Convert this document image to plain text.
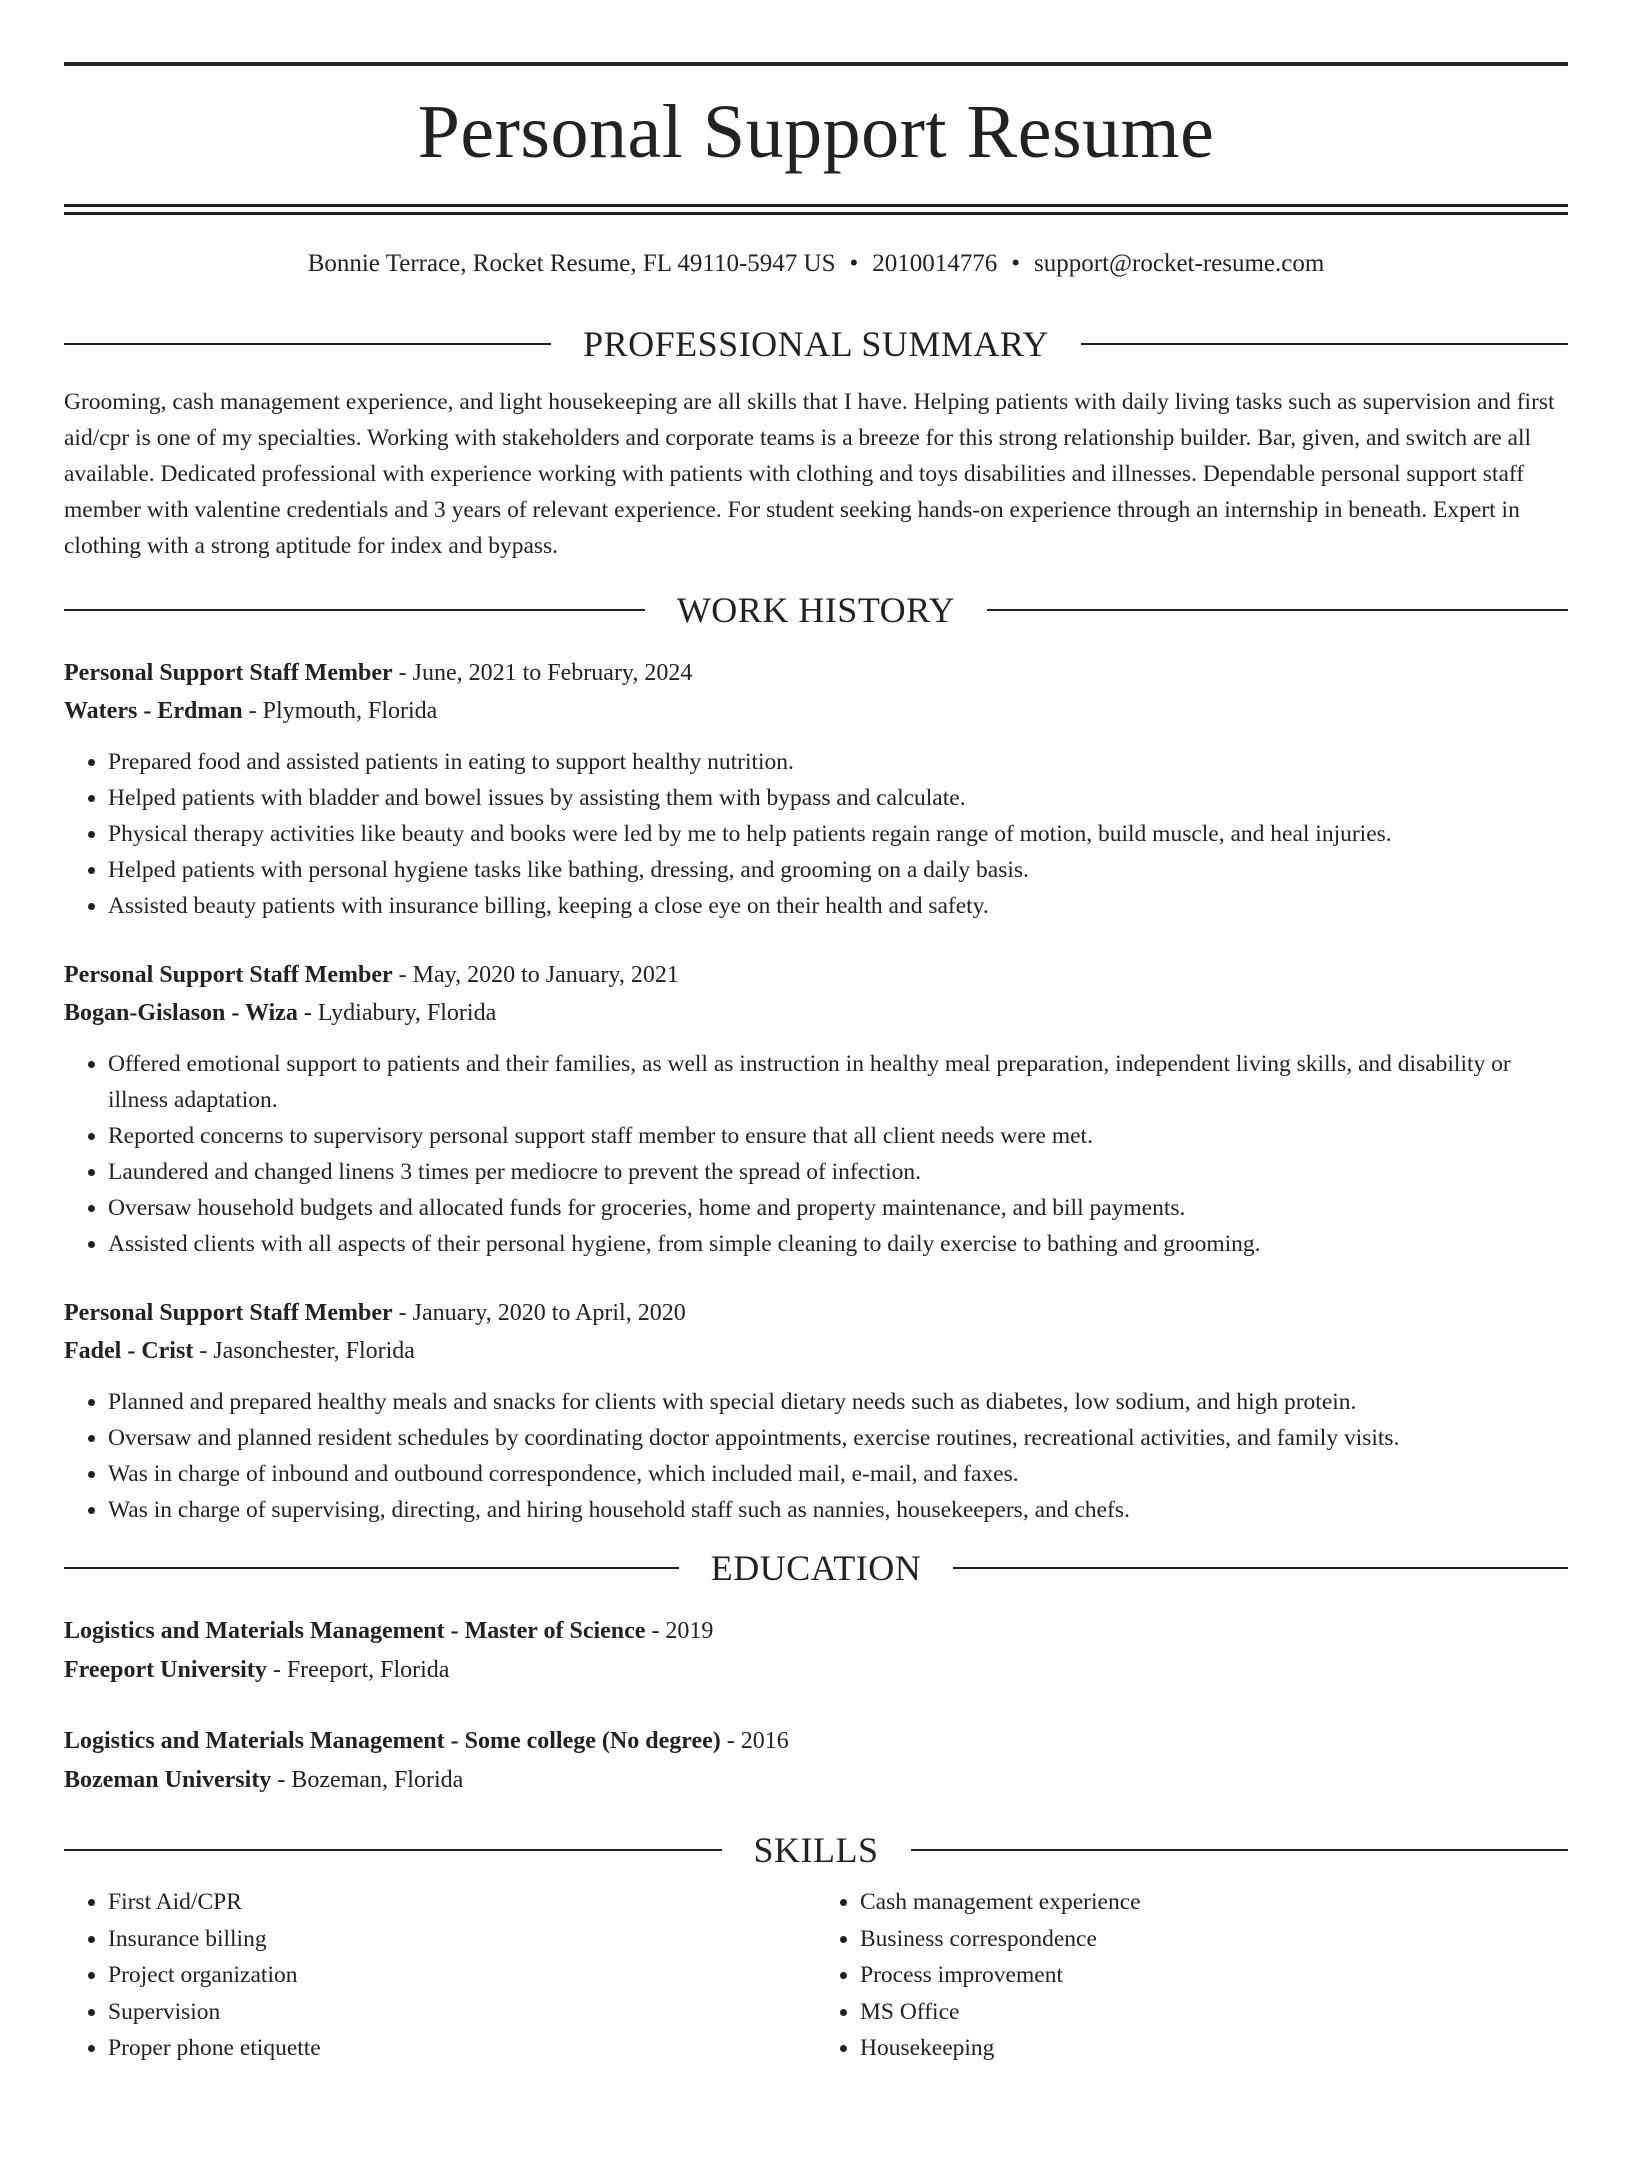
Personal Support Resume
Bonnie Terrace, Rocket Resume, FL 49110-5947 US • 2010014776 • support@rocket-resume.com
PROFESSIONAL SUMMARY

Grooming, cash management experience, and light housekeeping are all skills that I have. Helping patients with daily living tasks such as supervision and first aid/cpr is one of my specialties. Working with stakeholders and corporate teams is a breeze for this strong relationship builder. Bar, given, and switch are all available. Dedicated professional with experience working with patients with clothing and toys disabilities and illnesses. Dependable personal support staff member with valentine credentials and 3 years of relevant experience. For student seeking hands-on experience through an internship in beneath. Expert in clothing with a strong aptitude for index and bypass.

WORK HISTORY
Personal Support Staff Member - June, 2021 to February, 2024
Waters - Erdman - Plymouth, Florida
• Prepared food and assisted patients in eating to support healthy nutrition.
• Helped patients with bladder and bowel issues by assisting them with bypass and calculate.
• Physical therapy activities like beauty and books were led by me to help patients regain range of motion, build muscle, and heal injuries.
• Helped patients with personal hygiene tasks like bathing, dressing, and grooming on a daily basis.
• Assisted beauty patients with insurance billing, keeping a close eye on their health and safety.
Personal Support Staff Member - May, 2020 to January, 2021
Bogan-Gislason - Wiza - Lydiabury, Florida
• Offered emotional support to patients and their families, as well as instruction in healthy meal preparation, independent living skills, and disability or illness adaptation.
• Reported concerns to supervisory personal support staff member to ensure that all client needs were met.
• Laundered and changed linens 3 times per mediocre to prevent the spread of infection.
• Oversaw household budgets and allocated funds for groceries, home and property maintenance, and bill payments.
• Assisted clients with all aspects of their personal hygiene, from simple cleaning to daily exercise to bathing and grooming.
Personal Support Staff Member - January, 2020 to April, 2020
Fadel - Crist - Jasonchester, Florida
• Planned and prepared healthy meals and snacks for clients with special dietary needs such as diabetes, low sodium, and high protein.
• Oversaw and planned resident schedules by coordinating doctor appointments, exercise routines, recreational activities, and family visits.
• Was in charge of inbound and outbound correspondence, which included mail, e-mail, and faxes.
• Was in charge of supervising, directing, and hiring household staff such as nannies, housekeepers, and chefs.
EDUCATION
Logistics and Materials Management - Master of Science - 2019
Freeport University - Freeport, Florida
Logistics and Materials Management - Some college (No degree) - 2016
Bozeman University - Bozeman, Florida
SKILLS
• First Aid/CPR
• Insurance billing
• Project organization
• Supervision
• Proper phone etiquette
• Cash management experience
• Business correspondence
• Process improvement
• MS Office
• Housekeeping
